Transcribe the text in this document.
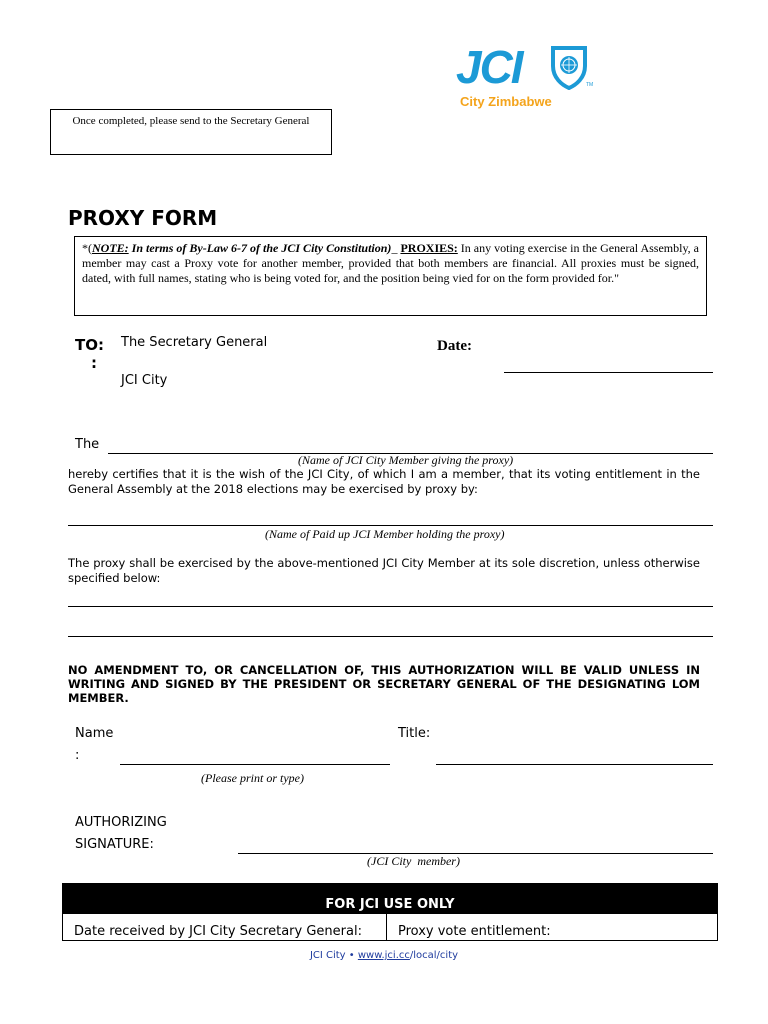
JCI	TM
City Zimbabwe
Once completed, please send to the Secretary General
PROXY FORM
*(NOTE: In terms of By-Law 6-7 of the JCI City Constitution)_ PROXIES: In any voting exercise in the General Assembly, a member may cast a Proxy vote for another member, provided that both members are financial. All proxies must be signed, dated, with full names, stating who is being voted for, and the position being vied for on the form provided for."
TO:
:
The Secretary General
JCI City
Date:
The
(Name of JCI City Member giving the proxy)
hereby certifies that it is the wish of the JCI City, of which I am a member, that its voting entitlement in the General Assembly at the 2018 elections may be exercised by proxy by:
(Name of Paid up JCI Member holding the proxy)
The proxy shall be exercised by the above-mentioned JCI City Member at its sole discretion, unless otherwise specified below:
NO AMENDMENT TO, OR CANCELLATION OF, THIS AUTHORIZATION WILL BE VALID UNLESS IN WRITING AND SIGNED BY THE PRESIDENT OR SECRETARY GENERAL OF THE DESIGNATING LOM MEMBER.
Name
:
(Please print or type)
Title:
AUTHORIZING
SIGNATURE:
(JCI City  member)
FOR JCI USE ONLY
Date received by JCI City Secretary General:	Proxy vote entitlement:
JCI City • www.jci.cc/local/city
